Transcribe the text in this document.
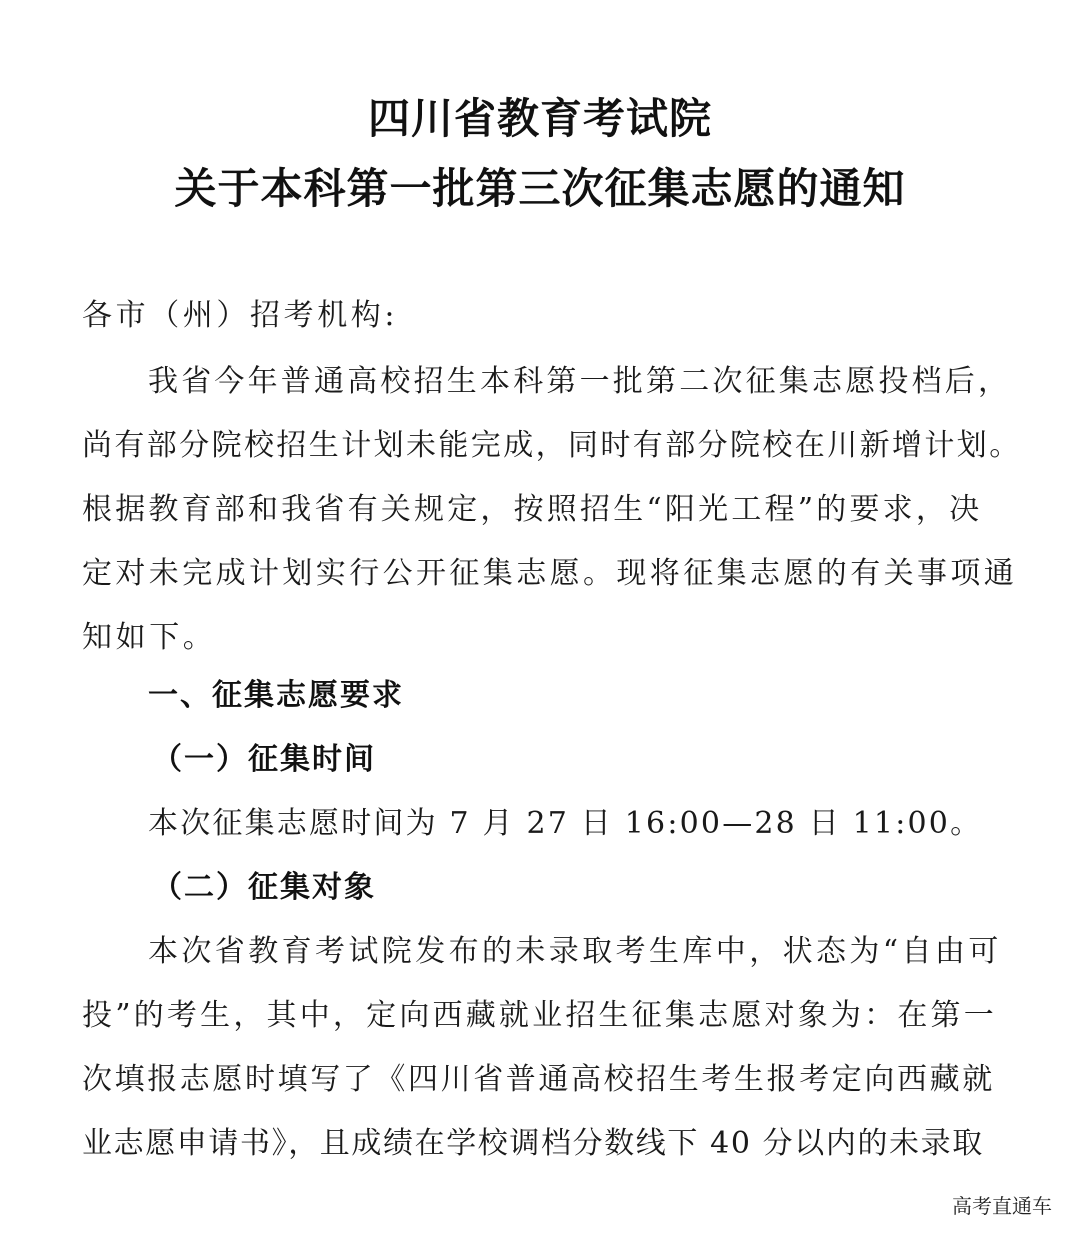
四川省教育考试院
关于本科第一批第三次征集志愿的通知
各市（州）招考机构:
我省今年普通高校招生本科第一批第二次征集志愿投档后，
尚有部分院校招生计划未能完成，同时有部分院校在川新增计划。
根据教育部和我省有关规定，按照招生“阳光工程”的要求，决
定对未完成计划实行公开征集志愿。现将征集志愿的有关事项通
知如下。
一、征集志愿要求
（一）征集时间
本次征集志愿时间为 7 月 27 日 16:00—28 日 11:00。
（二）征集对象
本次省教育考试院发布的未录取考生库中，状态为“自由可
投”的考生，其中，定向西藏就业招生征集志愿对象为：在第一
次填报志愿时填写了《四川省普通高校招生考生报考定向西藏就
业志愿申请书》，且成绩在学校调档分数线下 40 分以内的未录取
高考直通车
